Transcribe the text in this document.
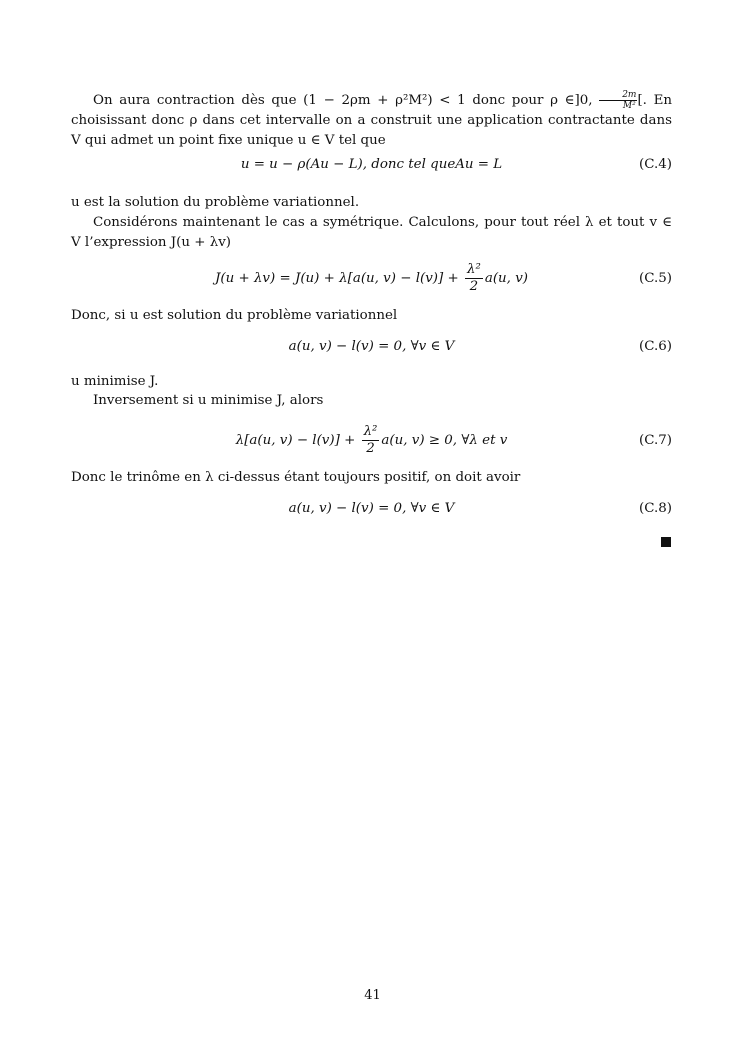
On aura contraction dès que (1 − 2ρm + ρ²M²) < 1 donc pour ρ ∈]0, $\frac{2m}{\text{M²}}$ [. En choisissant donc ρ dans cet intervalle on a construit une application contractante dans V qui admet un point fixe unique u ∈ V tel que

u = u − ρ(Au − L), donc tel queAu = L	(C.4)

u est la solution du problème variationnel.

Considérons maintenant le cas a symétrique. Calculons, pour tout réel λ et tout v ∈ V l’expression J(u + λv)

J(u + λv) = J(u) + λ[a(u, $v) - l(v)] + \frac{\text{λ²}}{2} a(u$, v)	(C.5)

Donc, si u est solution du problème variationnel

a(u, v) − l(v) = 0, ∀v ∈ V	(C.6)

u minimise J.

Inversement si u minimise J, alors

λ[a(u, $v) - l(v)] + \frac{\text{λ²}}{2} a(u$, v) ≥ 0, ∀λ et v	(C.7)

Donc le trinôme en λ ci-dessus étant toujours positif, on doit avoir

a(u, v) − l(v) = 0, ∀v ∈ V	(C.8)
41
